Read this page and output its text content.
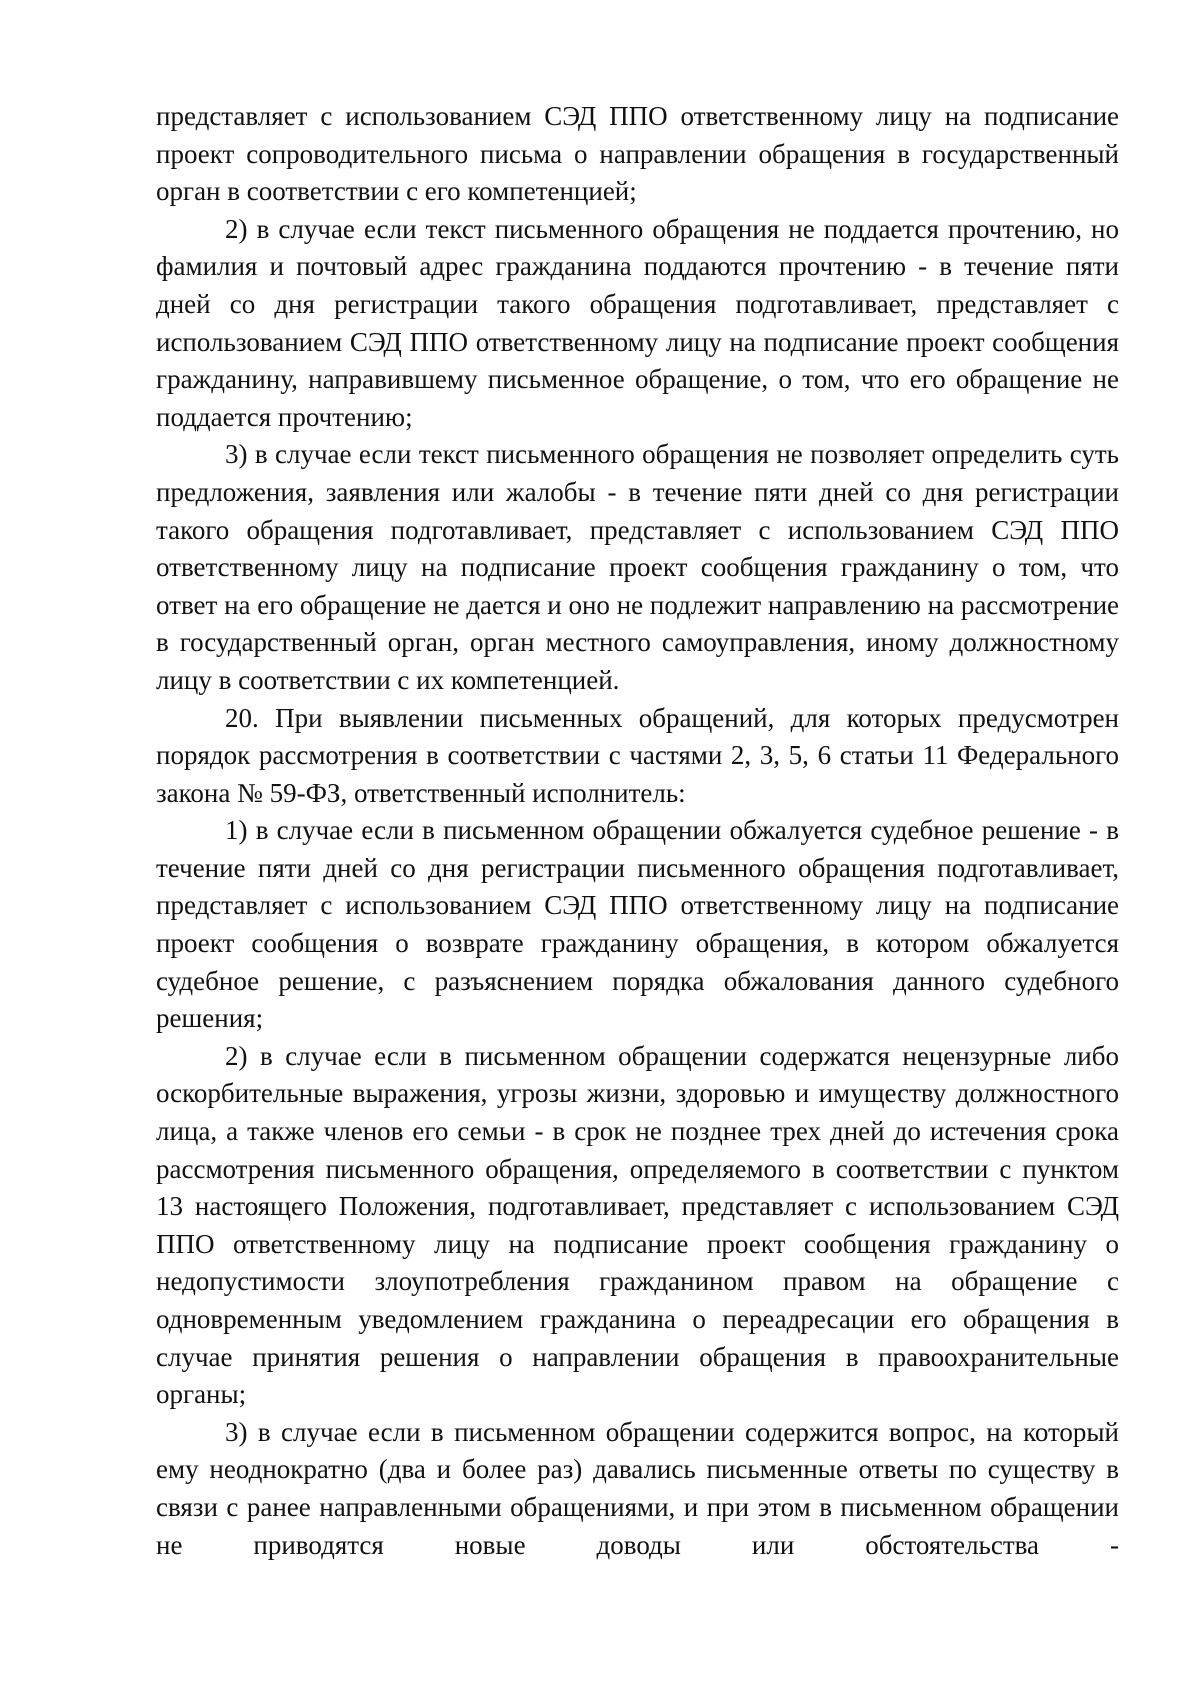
представляет с использованием СЭД ППО ответственному лицу на подписание проект сопроводительного письма о направлении обращения в государственный орган в соответствии с его компетенцией;

2) в случае если текст письменного обращения не поддается прочтению, но фамилия и почтовый адрес гражданина поддаются прочтению - в течение пяти дней со дня регистрации такого обращения подготавливает, представляет с использованием СЭД ППО ответственному лицу на подписание проект сообщения гражданину, направившему письменное обращение, о том, что его обращение не поддается прочтению;

3) в случае если текст письменного обращения не позволяет определить суть предложения, заявления или жалобы - в течение пяти дней со дня регистрации такого обращения подготавливает, представляет с использованием СЭД ППО ответственному лицу на подписание проект сообщения гражданину о том, что ответ на его обращение не дается и оно не подлежит направлению на рассмотрение в государственный орган, орган местного самоуправления, иному должностному лицу в соответствии с их компетенцией.

20. При выявлении письменных обращений, для которых предусмотрен порядок рассмотрения в соответствии с частями 2, 3, 5, 6 статьи 11 Федерального закона № 59-ФЗ, ответственный исполнитель:

1) в случае если в письменном обращении обжалуется судебное решение - в течение пяти дней со дня регистрации письменного обращения подготавливает, представляет с использованием СЭД ППО ответственному лицу на подписание проект сообщения о возврате гражданину обращения, в котором обжалуется судебное решение, с разъяснением порядка обжалования данного судебного решения;

2) в случае если в письменном обращении содержатся нецензурные либо оскорбительные выражения, угрозы жизни, здоровью и имуществу должностного лица, а также членов его семьи - в срок не позднее трех дней до истечения срока рассмотрения письменного обращения, определяемого в соответствии с пунктом 13 настоящего Положения, подготавливает, представляет с использованием СЭД ППО ответственному лицу на подписание проект сообщения гражданину о недопустимости злоупотребления гражданином правом на обращение с одновременным уведомлением гражданина о переадресации его обращения в случае принятия решения о направлении обращения в правоохранительные органы;

3) в случае если в письменном обращении содержится вопрос, на который ему неоднократно (два и более раз) давались письменные ответы по существу в связи с ранее направленными обращениями, и при этом в письменном обращении не приводятся новые доводы или обстоятельства -
